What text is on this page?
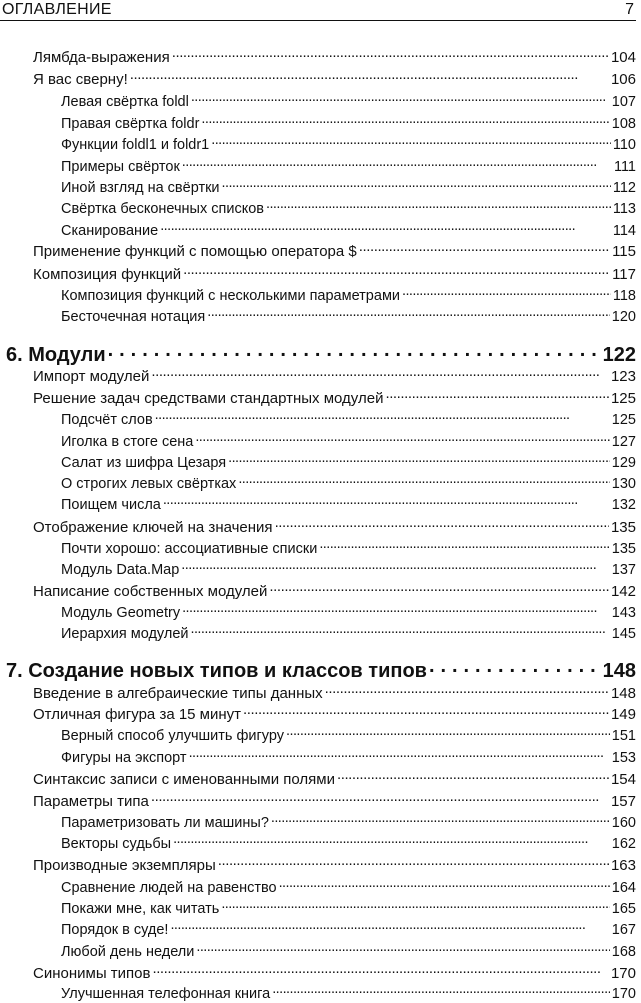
ОГЛАВЛЕНИЕ	7
Лямбда-выражения . . .	104
Я вас сверну! . . .	106
Левая свёртка foldl . . .	107
Правая свёртка foldr . . .	108
Функции foldl1 и foldr1 . . .	110
Примеры свёрток . . .	111
Иной взгляд на свёртки . . .	112
Свёртка бесконечных списков . . .	113
Сканирование . . .	114
Применение функций с помощью оператора $ . . .	115
Композиция функций . . .	117
Композиция функций с несколькими параметрами . . .	118
Бесточечная нотация . . .	120
6. Модули . . .	122
Импорт модулей . . .	123
Решение задач средствами стандартных модулей . . .	125
Подсчёт слов . . .	125
Иголка в стоге сена . . .	127
Салат из шифра Цезаря . . .	129
О строгих левых свёртках . . .	130
Поищем числа . . .	132
Отображение ключей на значения . . .	135
Почти хорошо: ассоциативные списки . . .	135
Модуль Data.Map . . .	137
Написание собственных модулей . . .	142
Модуль Geometry . . .	143
Иерархия модулей . . .	145
7. Создание новых типов и классов типов . . .	148
Введение в алгебраические типы данных . . .	148
Отличная фигура за 15 минут . . .	149
Верный способ улучшить фигуру . . .	151
Фигуры на экспорт . . .	153
Синтаксис записи с именованными полями . . .	154
Параметры типа . . .	157
Параметризовать ли машины? . . .	160
Векторы судьбы . . .	162
Производные экземпляры . . .	163
Сравнение людей на равенство . . .	164
Покажи мне, как читать . . .	165
Порядок в суде! . . .	167
Любой день недели . . .	168
Синонимы типов . . .	170
Улучшенная телефонная книга . . .	170
